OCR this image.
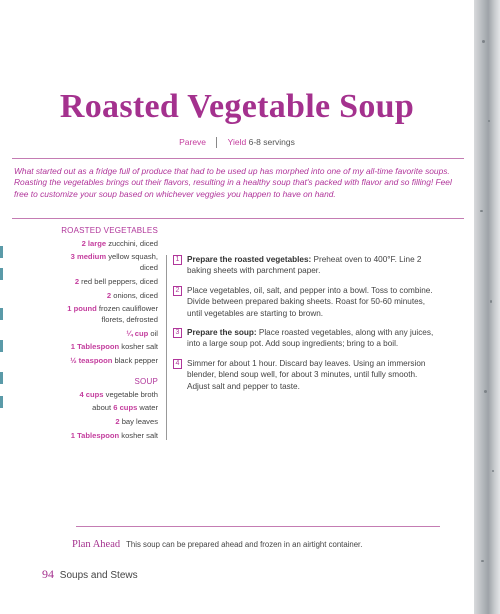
Roasted Vegetable Soup
Pareve	Yield 6-8 servings

What started out as a fridge full of produce that had to be used up has morphed into one of my all-time favorite soups. Roasting the vegetables brings out their flavors, resulting in a healthy soup that's packed with flavor and so filling! Feel free to customize your soup based on whichever veggies you happen to have on hand.

ROASTED VEGETABLES
2 large zucchini, diced
3 medium yellow squash, diced
2 red bell peppers, diced
2 onions, diced
1 pound frozen cauliflower florets, defrosted
¼ cup oil
1 Tablespoon kosher salt
½ teaspoon black pepper
SOUP
4 cups vegetable broth
about 6 cups water
2 bay leaves
1 Tablespoon kosher salt
1 Prepare the roasted vegetables: Preheat oven to 400°F. Line 2 baking sheets with parchment paper.
2 Place vegetables, oil, salt, and pepper into a bowl. Toss to combine. Divide between prepared baking sheets. Roast for 50-60 minutes, until vegetables are starting to brown.
3 Prepare the soup: Place roasted vegetables, along with any juices, into a large soup pot. Add soup ingredients; bring to a boil.
4 Simmer for about 1 hour. Discard bay leaves. Using an immersion blender, blend soup well, for about 3 minutes, until fully smooth. Adjust salt and pepper to taste.
Plan Ahead This soup can be prepared ahead and frozen in an airtight container.
94 Soups and Stews
